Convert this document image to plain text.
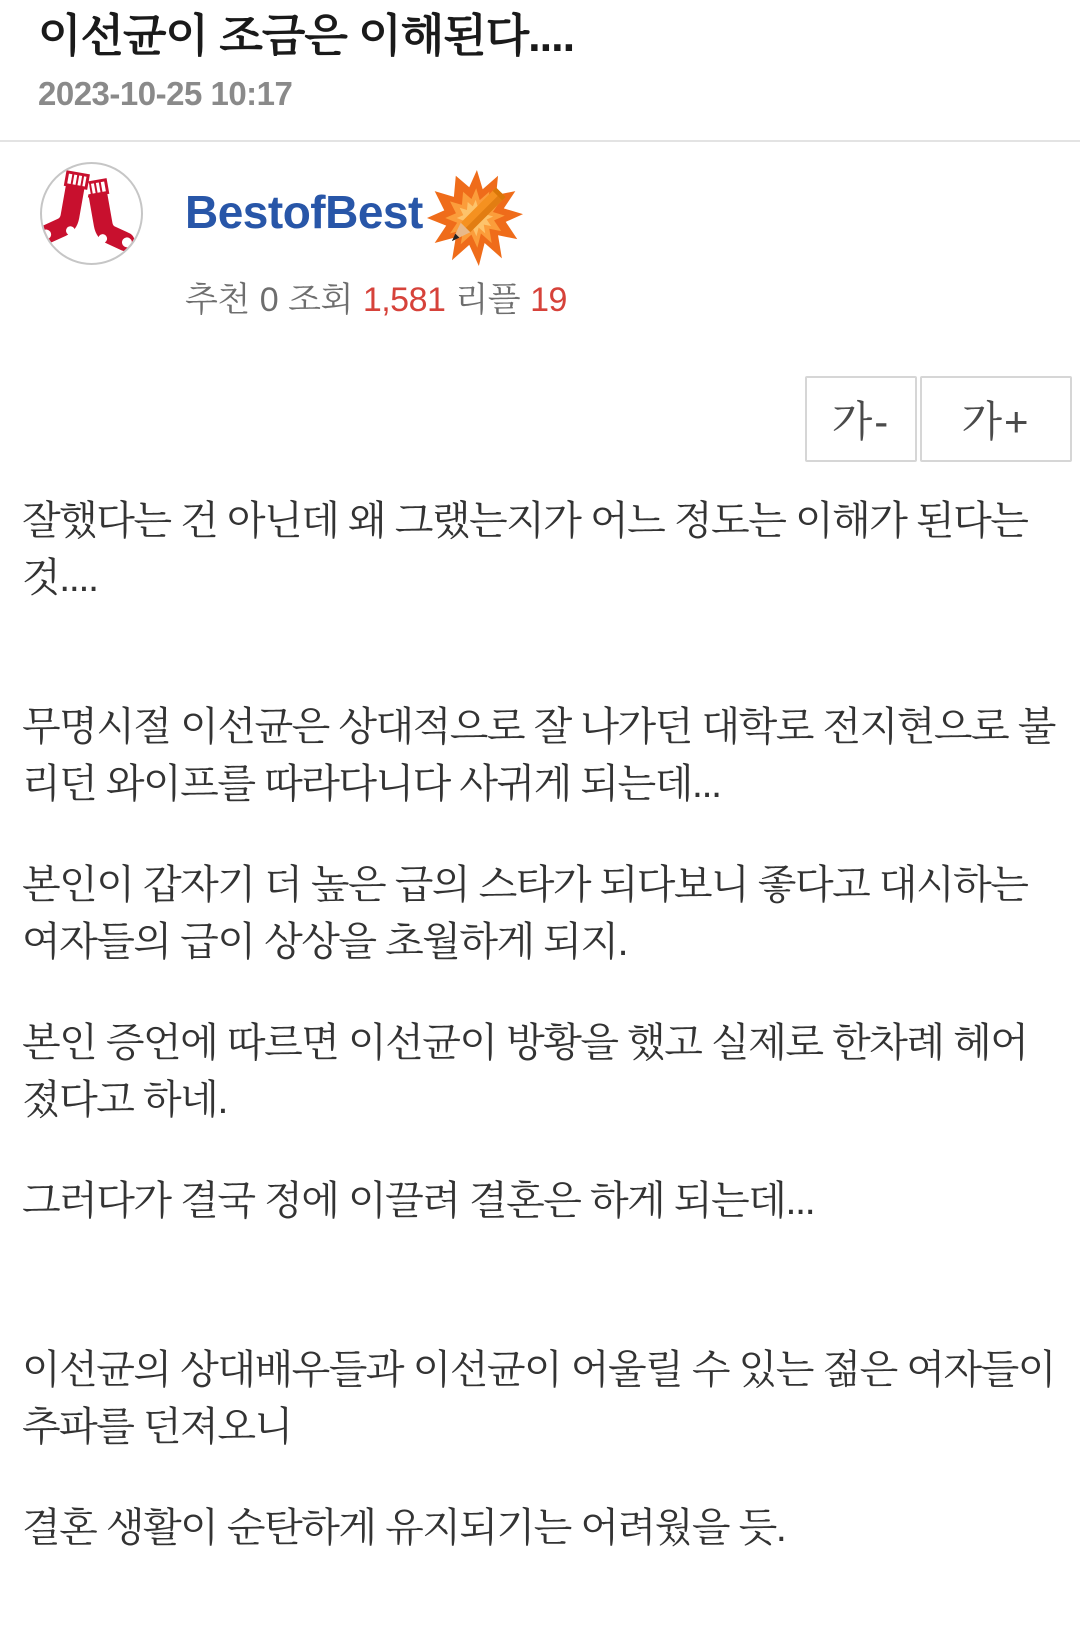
이선균이 조금은 이해된다....
2023-10-25 10:17
BestofBest
추천 0 조회 1,581 리플 19
가-	가+

잘했다는 건 아닌데 왜 그랬는지가 어느 정도는 이해가 된다는 것....

무명시절 이선균은 상대적으로 잘 나가던 대학로 전지현으로 불리던 와이프를 따라다니다 사귀게 되는데...

본인이 갑자기 더 높은 급의 스타가 되다보니 좋다고 대시하는 여자들의 급이 상상을 초월하게 되지.

본인 증언에 따르면 이선균이 방황을 했고 실제로 한차례 헤어졌다고 하네.

그러다가 결국 정에 이끌려 결혼은 하게 되는데...

이선균의 상대배우들과 이선균이 어울릴 수 있는 젊은 여자들이 추파를 던져오니

결혼 생활이 순탄하게 유지되기는 어려웠을 듯.
